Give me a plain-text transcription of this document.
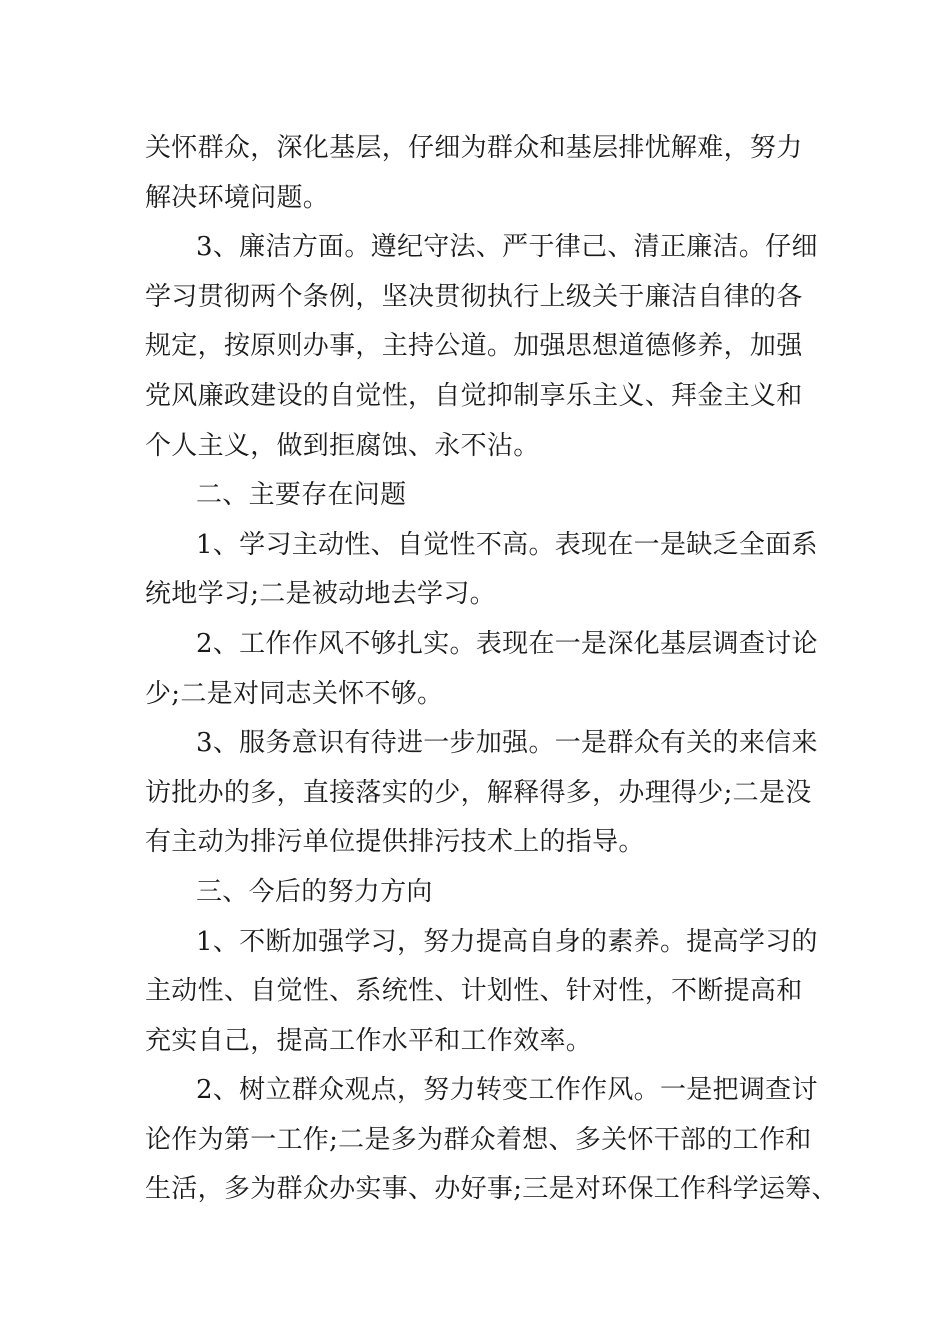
关怀群众，深化基层，仔细为群众和基层排忧解难，努力
解决环境问题。
3、廉洁方面。遵纪守法、严于律己、清正廉洁。仔细
学习贯彻两个条例，坚决贯彻执行上级关于廉洁自律的各
规定，按原则办事，主持公道。加强思想道德修养，加强
党风廉政建设的自觉性，自觉抑制享乐主义、拜金主义和
个人主义，做到拒腐蚀、永不沾。
二、主要存在问题
1、学习主动性、自觉性不高。表现在一是缺乏全面系
统地学习;二是被动地去学习。
2、工作作风不够扎实。表现在一是深化基层调查讨论
少;二是对同志关怀不够。
3、服务意识有待进一步加强。一是群众有关的来信来
访批办的多，直接落实的少，解释得多，办理得少;二是没
有主动为排污单位提供排污技术上的指导。
三、今后的努力方向
1、不断加强学习，努力提高自身的素养。提高学习的
主动性、自觉性、系统性、计划性、针对性，不断提高和
充实自己，提高工作水平和工作效率。
2、树立群众观点，努力转变工作作风。一是把调查讨
论作为第一工作;二是多为群众着想、多关怀干部的工作和
生活，多为群众办实事、办好事;三是对环保工作科学运筹、
